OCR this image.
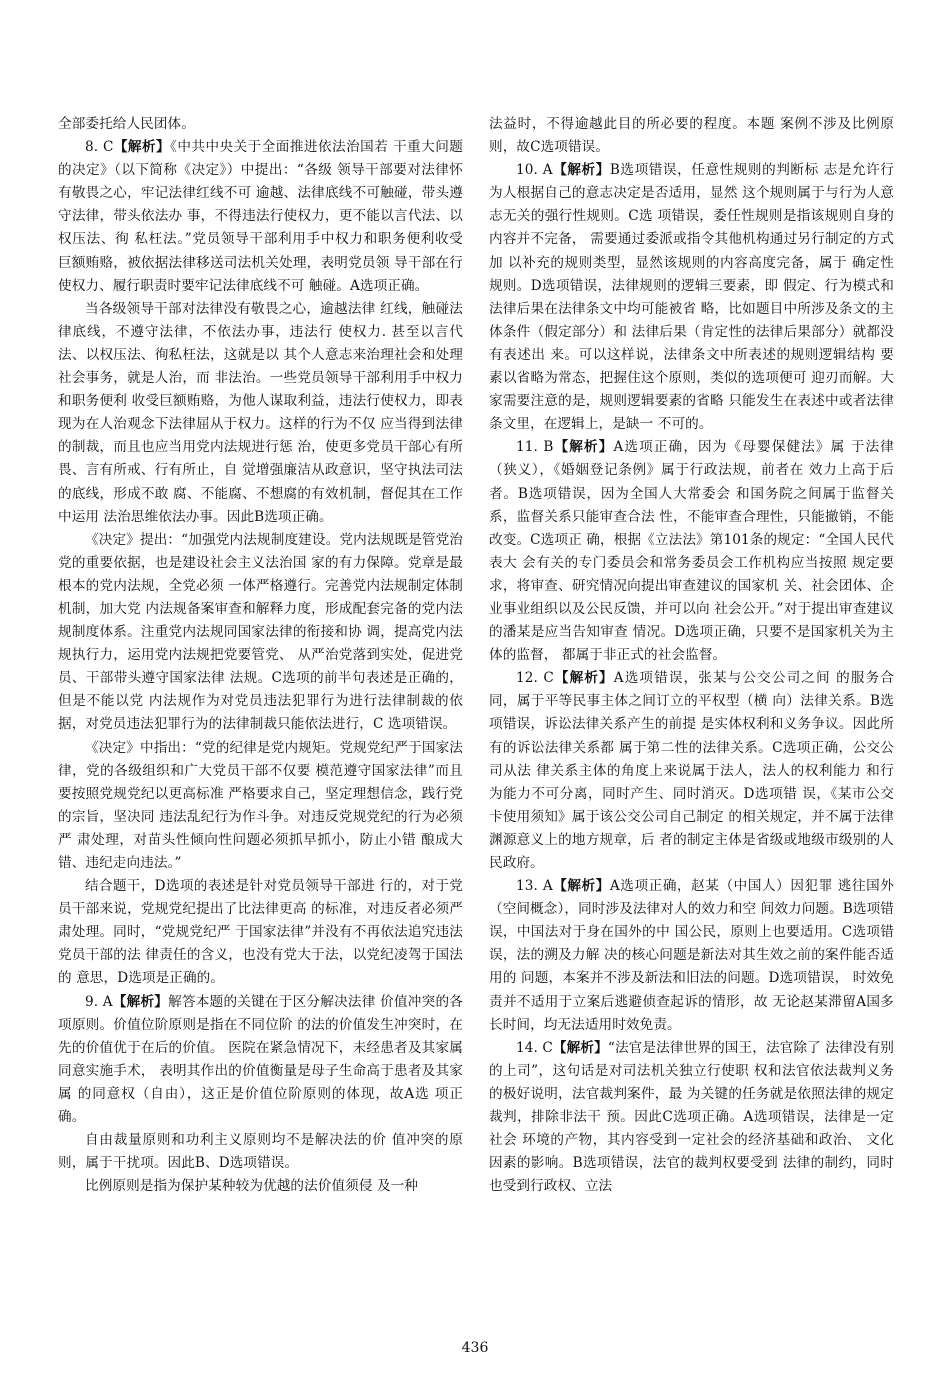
全部委托给人民团体。

8. C【解析】《中共中央关于全面推进依法治国若 干重大问题的决定》（以下简称《决定》）中提出：“各级 领导干部要对法律怀有敬畏之心，牢记法律红线不可 逾越、法律底线不可触碰，带头遵守法律，带头依法办 事，不得违法行使权力，更不能以言代法、以权压法、徇 私枉法。”党员领导干部利用手中权力和职务便利收受 巨额贿赂，被依据法律移送司法机关处理，表明党员领 导干部在行使权力、履行职责时要牢记法律底线不可 触碰。A选项正确。

当各级领导干部对法律没有敬畏之心，逾越法律 红线，触碰法律底线，不遵守法律，不依法办事，违法行 使权力. 甚至以言代法、以权压法、徇私枉法，这就是以 其个人意志来治理社会和处理社会事务，就是人治，而 非法治。一些党员领导干部利用手中权力和职务便利 收受巨额贿赂，为他人谋取利益，违法行使权力，即表 现为在人治观念下法律屈从于权力。这样的行为不仅 应当得到法律的制裁，而且也应当用党内法规进行惩 治，使更多党员干部心有所畏、言有所戒、行有所止，自 觉增强廉洁从政意识，坚守执法司法的底线，形成不敢 腐、不能腐、不想腐的有效机制，督促其在工作中运用 法治思维依法办事。因此B选项正确。

《决定》提出：“加强党内法规制度建设。党内法规既是管党治党的重要依据，也是建设社会主义法治国 家的有力保障。党章是最根本的党内法规，全党必须 一体严格遵行。完善党内法规制定体制机制，加大党 内法规备案审查和解释力度，形成配套完备的党内法 规制度体系。注重党内法规同国家法律的衔接和协 调，提高党内法规执行力，运用党内法规把党要管党、 从严治党落到实处，促进党员、干部带头遵守国家法律 法规。C选项的前半句表述是正确的，但是不能以党 内法规作为对党员违法犯罪行为进行法律制裁的依 据，对党员违法犯罪行为的法律制裁只能依法进行，C 选项错误。

《决定》中指出：“党的纪律是党内规矩。党规党纪严于国家法律，党的各级组织和广大党员干部不仅要 模范遵守国家法律”而且要按照党规党纪以更高标准 严格要求自己，坚定理想信念，践行党的宗旨，坚决同 违法乱纪行为作斗争。对违反党规党纪的行为必须严 肃处理，对苗头性倾向性问题必须抓早抓小，防止小错 酿成大错、违纪走向违法。”

结合题干，D选项的表述是针对党员领导干部进 行的，对于党员干部来说，党规党纪提出了比法律更高 的标准，对违反者必须严肃处理。同时，“党规党纪严 于国家法律”并没有不再依法追究违法党员干部的法 律责任的含义，也没有党大于法，以党纪凌驾于国法的 意思，D选项是正确的。

9. A【解析】解答本题的关键在于区分解决法律 价值冲突的各项原则。价值位阶原则是指在不同位阶 的法的价值发生冲突时，在先的价值优于在后的价值。 医院在紧急情况下，未经患者及其家属同意实施手术， 表明其作出的价值衡量是母子生命高于患者及其家属 的同意权（自由），这正是价值位阶原则的体现，故A选 项正确。

自由裁量原则和功利主义原则均不是解决法的价 值冲突的原则，属于干扰项。因此B、D选项错误。

比例原则是指为保护某种较为优越的法价值须侵 及一种

法益时，不得逾越此目的所必要的程度。本题 案例不涉及比例原则，故C选项错误。

10. A【解析】B选项错误，任意性规则的判断标 志是允许行为人根据自己的意志决定是否适用，显然 这个规则属于与行为人意志无关的强行性规则。C选 项错误，委任性规则是指该规则自身的内容并不完备， 需要通过委派或指令其他机构通过另行制定的方式加 以补充的规则类型，显然该规则的内容高度完备，属于 确定性规则。D选项错误，法律规则的逻辑三要素，即 假定、行为模式和法律后果在法律条文中均可能被省 略，比如题目中所涉及条文的主体条件（假定部分）和 法律后果（肯定性的法律后果部分）就都没有表述出 来。可以这样说，法律条文中所表述的规则逻辑结构 要素以省略为常态，把握住这个原则，类似的选项便可 迎刃而解。大家需要注意的是，规则逻辑要素的省略 只能发生在表述中或者法律条文里，在逻辑上，是缺一 不可的。

11. B【解析】A选项正确，因为《母婴保健法》属 于法律（狭义），《婚姻登记条例》属于行政法规，前者在 效力上高于后者。B选项错误，因为全国人大常委会 和国务院之间属于监督关系，监督关系只能审查合法 性，不能审查合理性，只能撤销，不能改变。C选项正 确，根据《立法法》第101条的规定：“全国人民代表大 会有关的专门委员会和常务委员会工作机构应当按照 规定要求，将审查、研究情况向提出审查建议的国家机 关、社会团体、企业事业组织以及公民反馈，并可以向 社会公开。”对于提出审查建议的潘某是应当告知审查 情况。D选项正确，只要不是国家机关为主体的监督， 都属于非正式的社会监督。

12. C【解析】A选项错误，张某与公交公司之间 的服务合同，属于平等民事主体之间订立的平权型（横 向）法律关系。B选项错误，诉讼法律关系产生的前提 是实体权利和义务争议。因此所有的诉讼法律关系都 属于第二性的法律关系。C选项正确，公交公司从法 律关系主体的角度上来说属于法人，法人的权利能力 和行为能力不可分离，同时产生、同时消灭。D选项错 误，《某市公交卡使用须知》属于该公交公司自己制定 的相关规定，并不属于法律渊源意义上的地方规章，后 者的制定主体是省级或地级市级别的人民政府。

13. A【解析】A选项正确，赵某（中国人）因犯罪 逃往国外（空间概念），同时涉及法律对人的效力和空 间效力问题。B选项错误，中国法对于身在国外的中 国公民，原则上也要适用。C选项错误，法的溯及力解 决的核心问题是新法对其生效之前的案件能否适用的 问题，本案并不涉及新法和旧法的问题。D选项错误， 时效免责并不适用于立案后逃避侦查起诉的情形，故 无论赵某滞留A国多长时间，均无法适用时效免责。

14. C【解析】“法官是法律世界的国王，法官除了 法律没有别的上司”，这句话是对司法机关独立行使职 权和法官依法裁判义务的极好说明，法官裁判案件，最 为关键的任务就是依照法律的规定裁判，排除非法干 预。因此C选项正确。A选项错误，法律是一定社会 环境的产物，其内容受到一定社会的经济基础和政治、 文化因素的影响。B选项错误，法官的裁判权要受到 法律的制约，同时也受到行政权、立法

436
